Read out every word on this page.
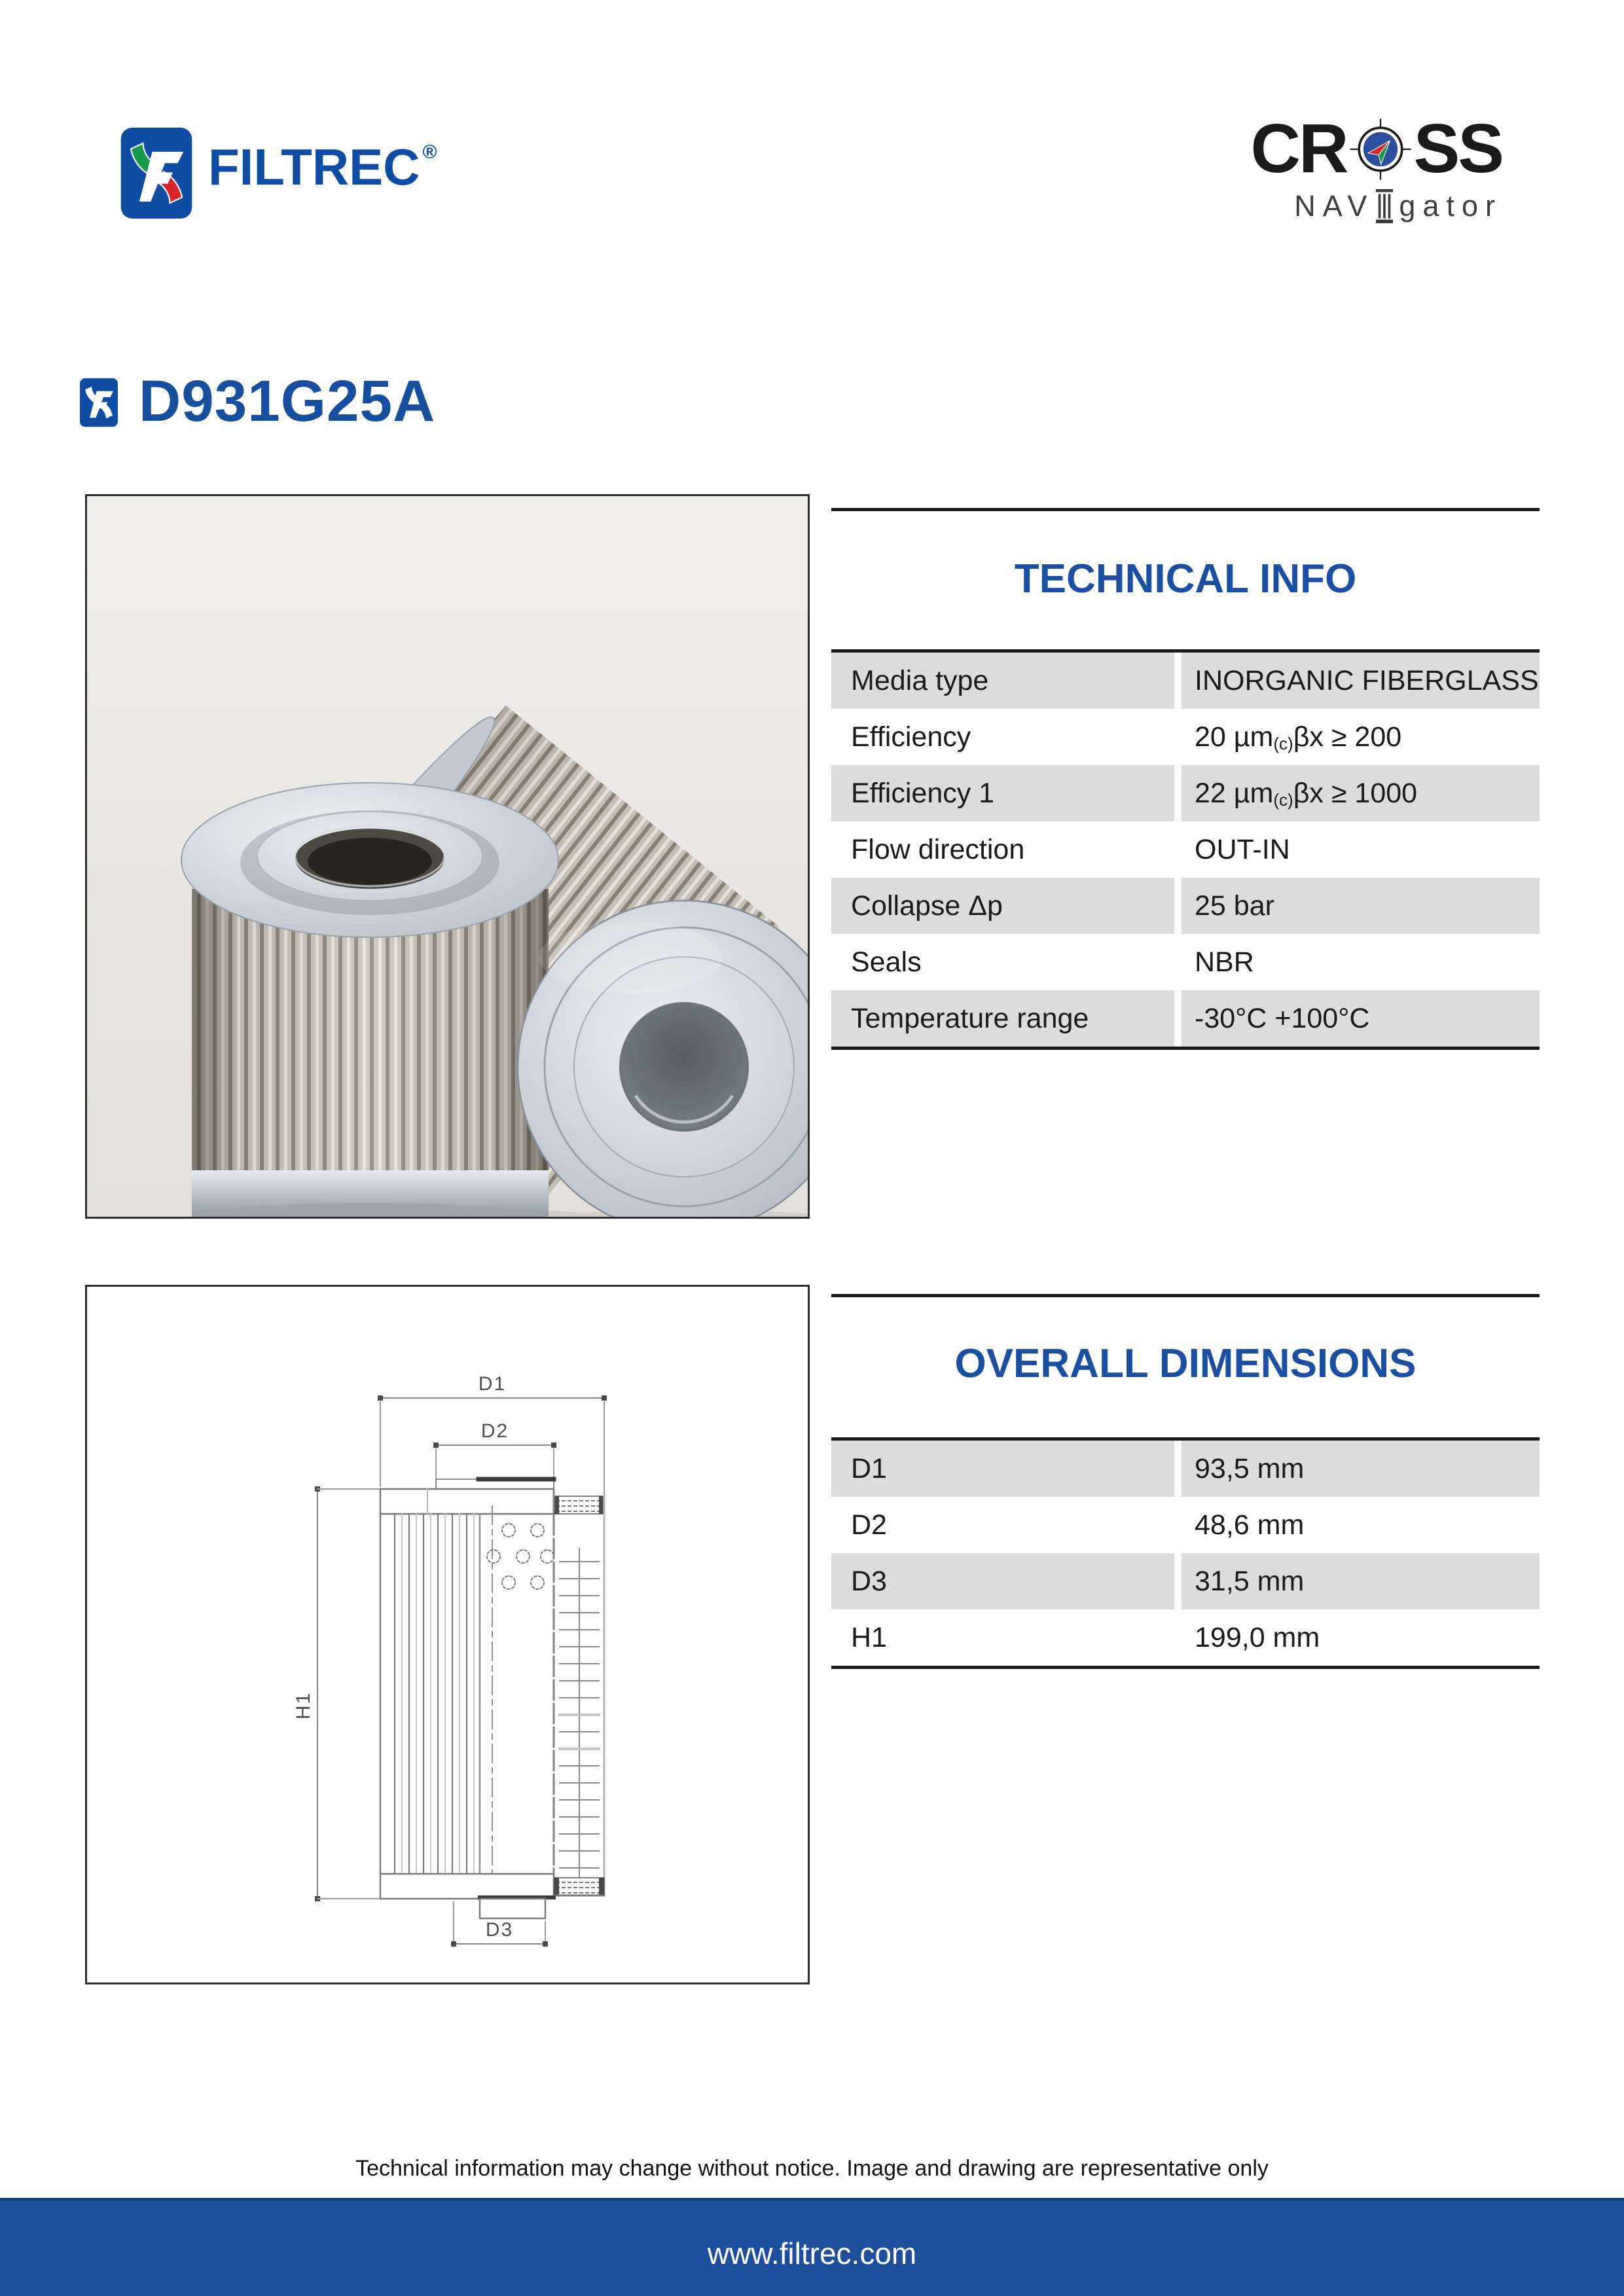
FILTREC ®	CR SS
NAV gator
D931G25A
TECHNICAL INFO
Media type	INORGANIC FIBERGLASS
Efficiency	20 µm$_{(c)}$ βx ≥ 200
Efficiency 1	22 µm$_{(c)}$ βx ≥ 1000
Flow direction	OUT-IN
Collapse Δp	25 bar
Seals	NBR
Temperature range	-30°C +100°C
D1
D2
H1
D3
OVERALL DIMENSIONS
D1	93,5 mm
D2	48,6 mm
D3	31,5 mm
H1	199,0 mm
Technical information may change without notice. Image and drawing are representative only
www.filtrec.com
